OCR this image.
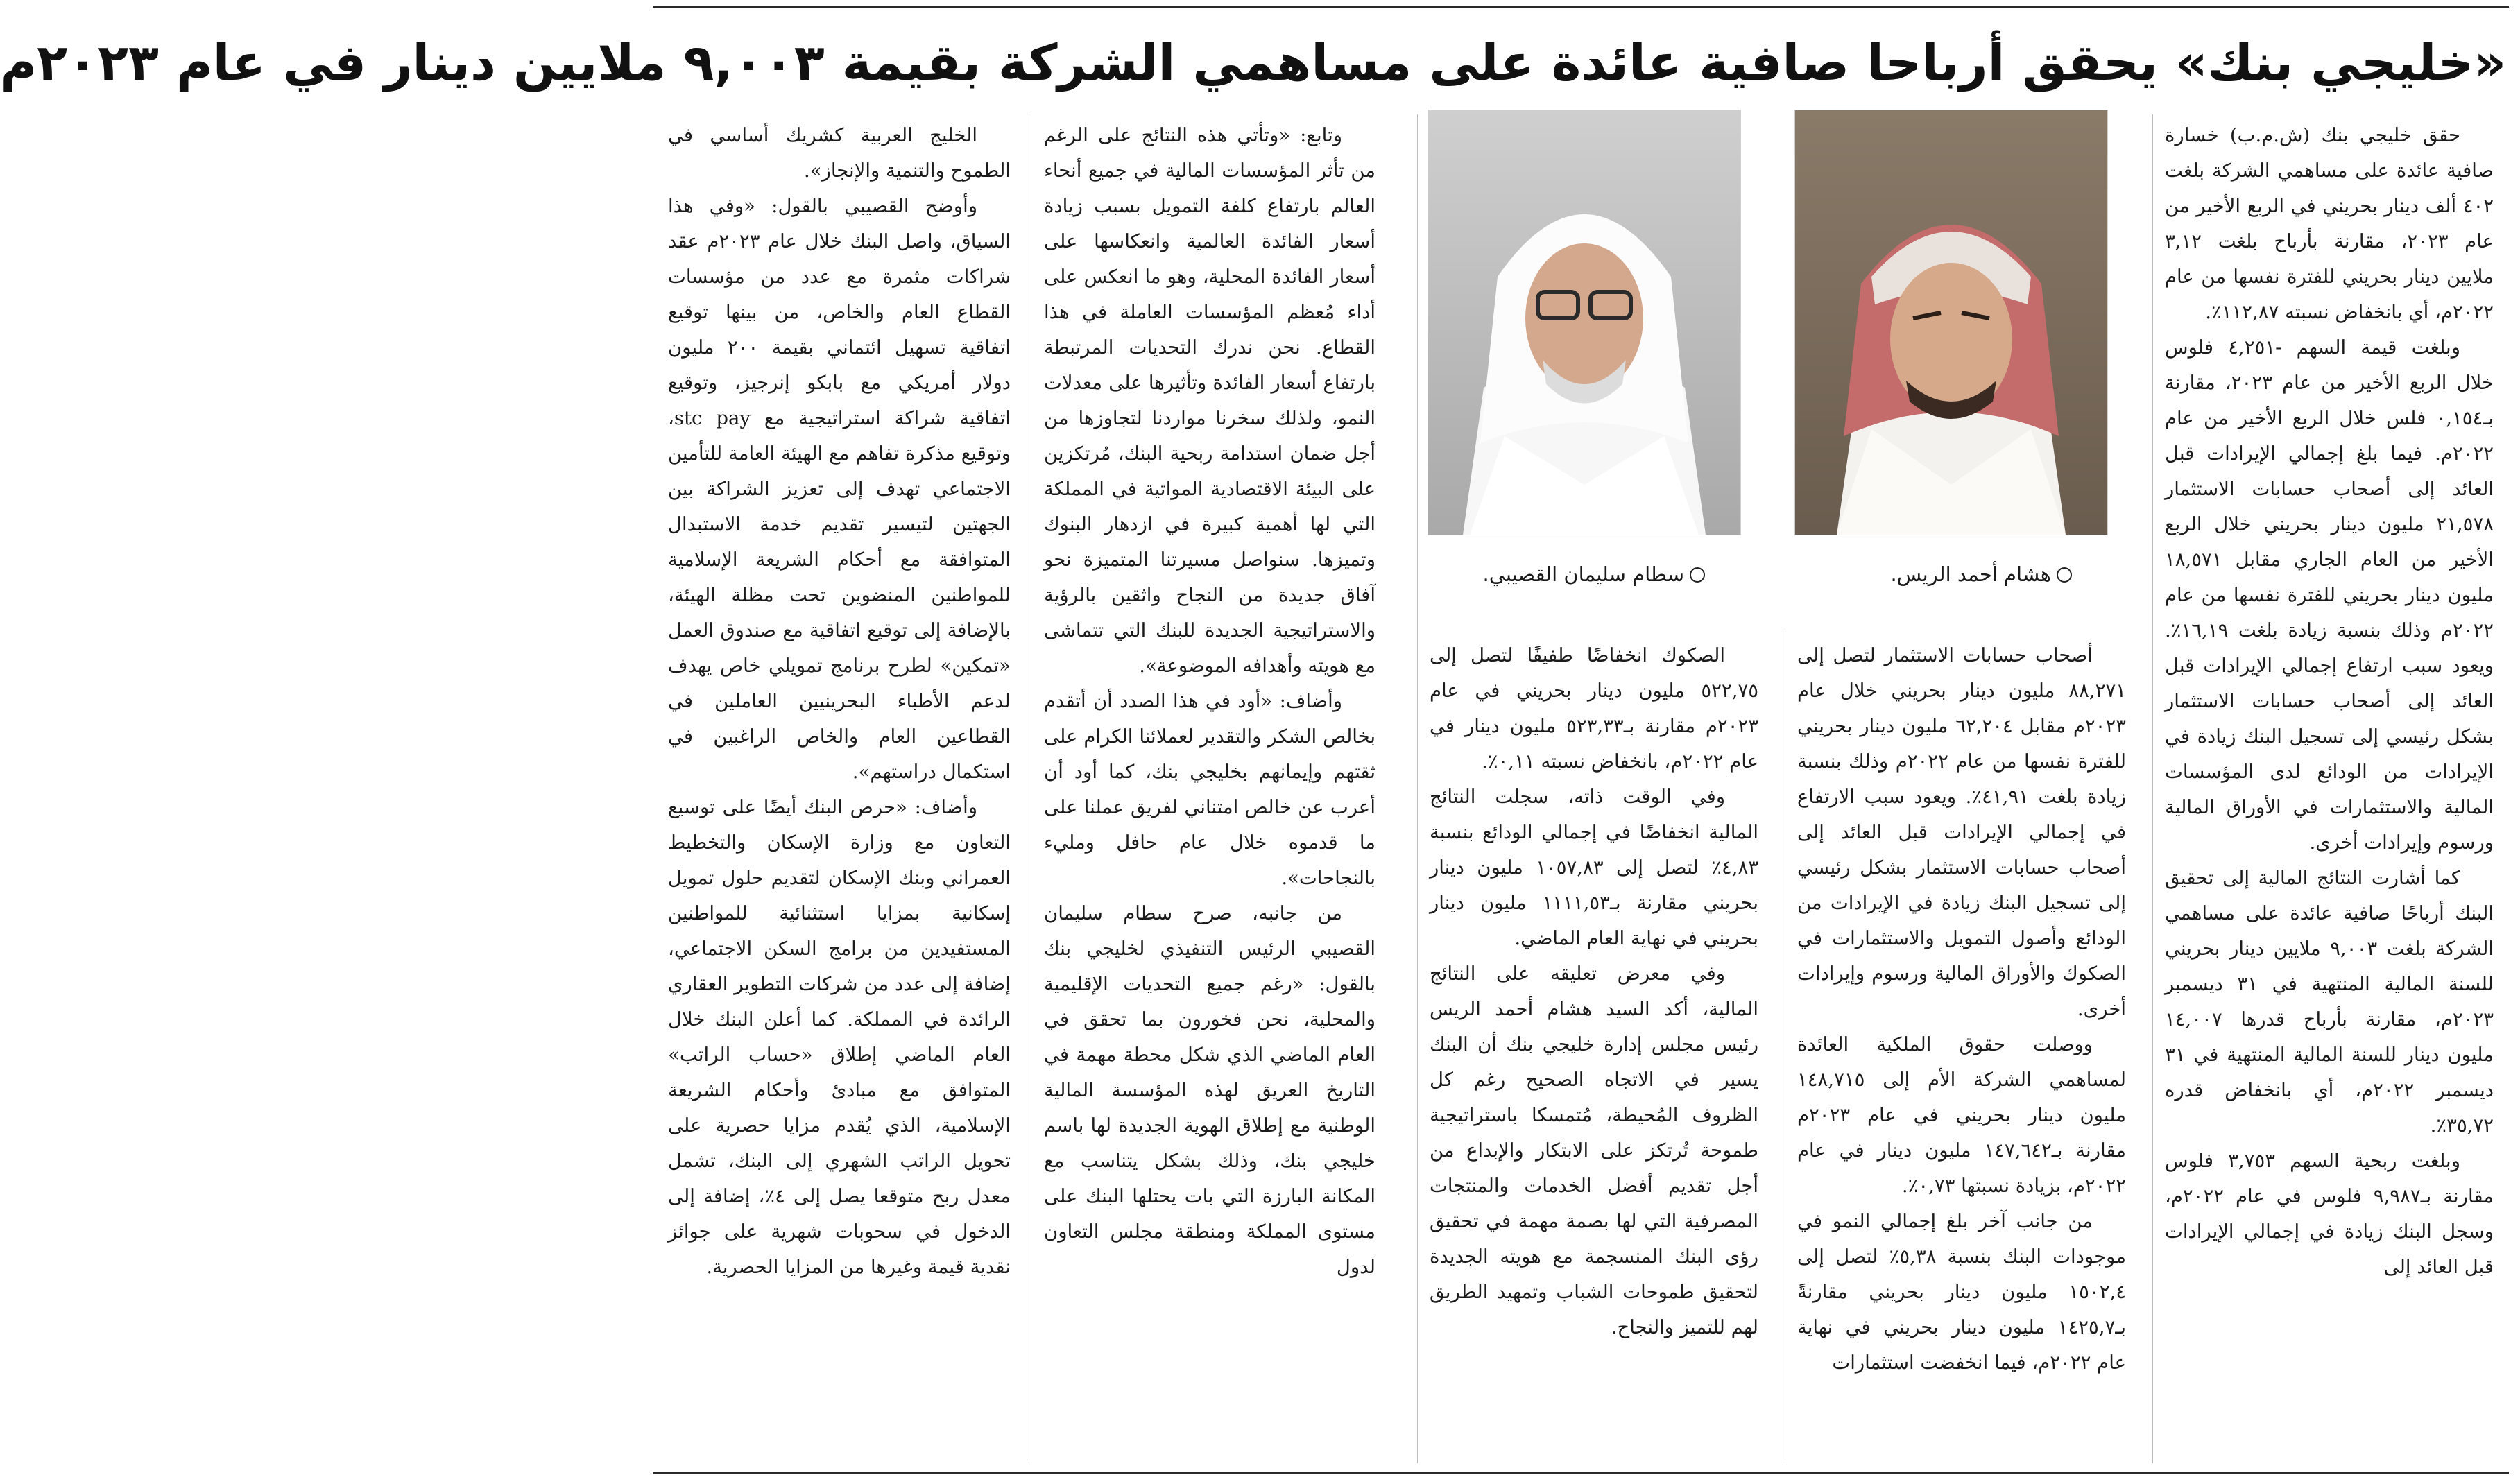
«خليجي بنك» يحقق أرباحا صافية عائدة على مساهمي الشركة بقيمة ٩,٠٠٣ ملايين دينار في عام ٢٠٢٣م

حقق خليجي بنك (ش.م.ب) خسارة صافية عائدة على مساهمي الشركة بلغت ٤٠٢ ألف دينار بحريني في الربع الأخير من عام ٢٠٢٣، مقارنة بأرباح بلغت ٣,١٢ ملايين دينار بحريني للفترة نفسها من عام ٢٠٢٢م، أي بانخفاض نسبته ١١٢,٨٧٪.

وبلغت قيمة السهم -٤,٢٥١ فلوس خلال الربع الأخير من عام ٢٠٢٣، مقارنة بـ٠,١٥٤ فلس خلال الربع الأخير من عام ٢٠٢٢م. فيما بلغ إجمالي الإيرادات قبل العائد إلى أصحاب حسابات الاستثمار ٢١,٥٧٨ مليون دينار بحريني خلال الربع الأخير من العام الجاري مقابل ١٨,٥٧١ مليون دينار بحريني للفترة نفسها من عام ٢٠٢٢م وذلك بنسبة زيادة بلغت ١٦,١٩٪. ويعود سبب ارتفاع إجمالي الإيرادات قبل العائد إلى أصحاب حسابات الاستثمار بشكل رئيسي إلى تسجيل البنك زيادة في الإيرادات من الودائع لدى المؤسسات المالية والاستثمارات في الأوراق المالية ورسوم وإيرادات أخرى.

كما أشارت النتائج المالية إلى تحقيق البنك أرباحًا صافية عائدة على مساهمي الشركة بلغت ٩,٠٠٣ ملايين دينار بحريني للسنة المالية المنتهية في ٣١ ديسمبر ٢٠٢٣م، مقارنة بأرباح قدرها ١٤,٠٠٧ مليون دينار للسنة المالية المنتهية في ٣١ ديسمبر ٢٠٢٢م، أي بانخفاض قدره ٣٥,٧٢٪.

وبلغت ربحية السهم ٣,٧٥٣ فلوس مقارنة بـ٩,٩٨٧ فلوس في عام ٢٠٢٢م، وسجل البنك زيادة في إجمالي الإيرادات قبل العائد إلى

هشام أحمد الريس.
سطام سليمان القصيبي.

أصحاب حسابات الاستثمار لتصل إلى ٨٨,٢٧١ مليون دينار بحريني خلال عام ٢٠٢٣م مقابل ٦٢,٢٠٤ مليون دينار بحريني للفترة نفسها من عام ٢٠٢٢م وذلك بنسبة زيادة بلغت ٤١,٩١٪. ويعود سبب الارتفاع في إجمالي الإيرادات قبل العائد إلى أصحاب حسابات الاستثمار بشكل رئيسي إلى تسجيل البنك زيادة في الإيرادات من الودائع وأصول التمويل والاستثمارات في الصكوك والأوراق المالية ورسوم وإيرادات أخرى.

ووصلت حقوق الملكية العائدة لمساهمي الشركة الأم إلى ١٤٨,٧١٥ مليون دينار بحريني في عام ٢٠٢٣م مقارنة بـ١٤٧,٦٤٢ مليون دينار في عام ٢٠٢٢م، بزيادة نسبتها ٠,٧٣٪.

من جانب آخر بلغ إجمالي النمو في موجودات البنك بنسبة ٥,٣٨٪ لتصل إلى ١٥٠٢,٤ مليون دينار بحريني مقارنةً بـ١٤٢٥,٧ مليون دينار بحريني في نهاية عام ٢٠٢٢م، فيما انخفضت استثمارات

الصكوك انخفاضًا طفيفًا لتصل إلى ٥٢٢,٧٥ مليون دينار بحريني في عام ٢٠٢٣م مقارنة بـ٥٢٣,٣٣ مليون دينار في عام ٢٠٢٢م، بانخفاض نسبته ٠,١١٪.

وفي الوقت ذاته، سجلت النتائج المالية انخفاضًا في إجمالي الودائع بنسبة ٤,٨٣٪ لتصل إلى ١٠٥٧,٨٣ مليون دينار بحريني مقارنة بـ١١١١,٥٣ مليون دينار بحريني في نهاية العام الماضي.

وفي معرض تعليقه على النتائج المالية، أكد السيد هشام أحمد الريس رئيس مجلس إدارة خليجي بنك أن البنك يسير في الاتجاه الصحيح رغم كل الظروف المُحيطة، مُتمسكا باستراتيجية طموحة تُرتكز على الابتكار والإبداع من أجل تقديم أفضل الخدمات والمنتجات المصرفية التي لها بصمة مهمة في تحقيق رؤى البنك المنسجمة مع هويته الجديدة لتحقيق طموحات الشباب وتمهيد الطريق لهم للتميز والنجاح.

وتابع: «وتأتي هذه النتائج على الرغم من تأثر المؤسسات المالية في جميع أنحاء العالم بارتفاع كلفة التمويل بسبب زيادة أسعار الفائدة العالمية وانعكاسها على أسعار الفائدة المحلية، وهو ما انعكس على أداء مُعظم المؤسسات العاملة في هذا القطاع. نحن ندرك التحديات المرتبطة بارتفاع أسعار الفائدة وتأثيرها على معدلات النمو، ولذلك سخرنا مواردنا لتجاوزها من أجل ضمان استدامة ربحية البنك، مُرتكزين على البيئة الاقتصادية المواتية في المملكة التي لها أهمية كبيرة في ازدهار البنوك وتميزها. سنواصل مسيرتنا المتميزة نحو آفاق جديدة من النجاح واثقين بالرؤية والاستراتيجية الجديدة للبنك التي تتماشى مع هويته وأهدافه الموضوعة».

وأضاف: «أود في هذا الصدد أن أتقدم بخالص الشكر والتقدير لعملائنا الكرام على ثقتهم وإيمانهم بخليجي بنك، كما أود أن أعرب عن خالص امتناني لفريق عملنا على ما قدموه خلال عام حافل ومليء بالنجاحات».

من جانبه، صرح سطام سليمان القصيبي الرئيس التنفيذي لخليجي بنك بالقول: «رغم جميع التحديات الإقليمية والمحلية، نحن فخورون بما تحقق في العام الماضي الذي شكل محطة مهمة في التاريخ العريق لهذه المؤسسة المالية الوطنية مع إطلاق الهوية الجديدة لها باسم خليجي بنك، وذلك بشكل يتناسب مع المكانة البارزة التي بات يحتلها البنك على مستوى المملكة ومنطقة مجلس التعاون لدول

الخليج العربية كشريك أساسي في الطموح والتنمية والإنجاز».

وأوضح القصيبي بالقول: «وفي هذا السياق، واصل البنك خلال عام ٢٠٢٣م عقد شراكات مثمرة مع عدد من مؤسسات القطاع العام والخاص، من بينها توقيع اتفاقية تسهيل ائتماني بقيمة ٢٠٠ مليون دولار أمريكي مع بابكو إنرجيز، وتوقيع اتفاقية شراكة استراتيجية مع stc pay، وتوقيع مذكرة تفاهم مع الهيئة العامة للتأمين الاجتماعي تهدف إلى تعزيز الشراكة بين الجهتين لتيسير تقديم خدمة الاستبدال المتوافقة مع أحكام الشريعة الإسلامية للمواطنين المنضوين تحت مظلة الهيئة، بالإضافة إلى توقيع اتفاقية مع صندوق العمل «تمكين» لطرح برنامج تمويلي خاص يهدف لدعم الأطباء البحرينيين العاملين في القطاعين العام والخاص الراغبين في استكمال دراستهم».

وأضاف: «حرص البنك أيضًا على توسيع التعاون مع وزارة الإسكان والتخطيط العمراني وبنك الإسكان لتقديم حلول تمويل إسكانية بمزايا استثنائية للمواطنين المستفيدين من برامج السكن الاجتماعي، إضافة إلى عدد من شركات التطوير العقاري الرائدة في المملكة. كما أعلن البنك خلال العام الماضي إطلاق «حساب الراتب» المتوافق مع مبادئ وأحكام الشريعة الإسلامية، الذي يُقدم مزايا حصرية على تحويل الراتب الشهري إلى البنك، تشمل معدل ربح متوقعا يصل إلى ٤٪، إضافة إلى الدخول في سحوبات شهرية على جوائز نقدية قيمة وغيرها من المزايا الحصرية.
